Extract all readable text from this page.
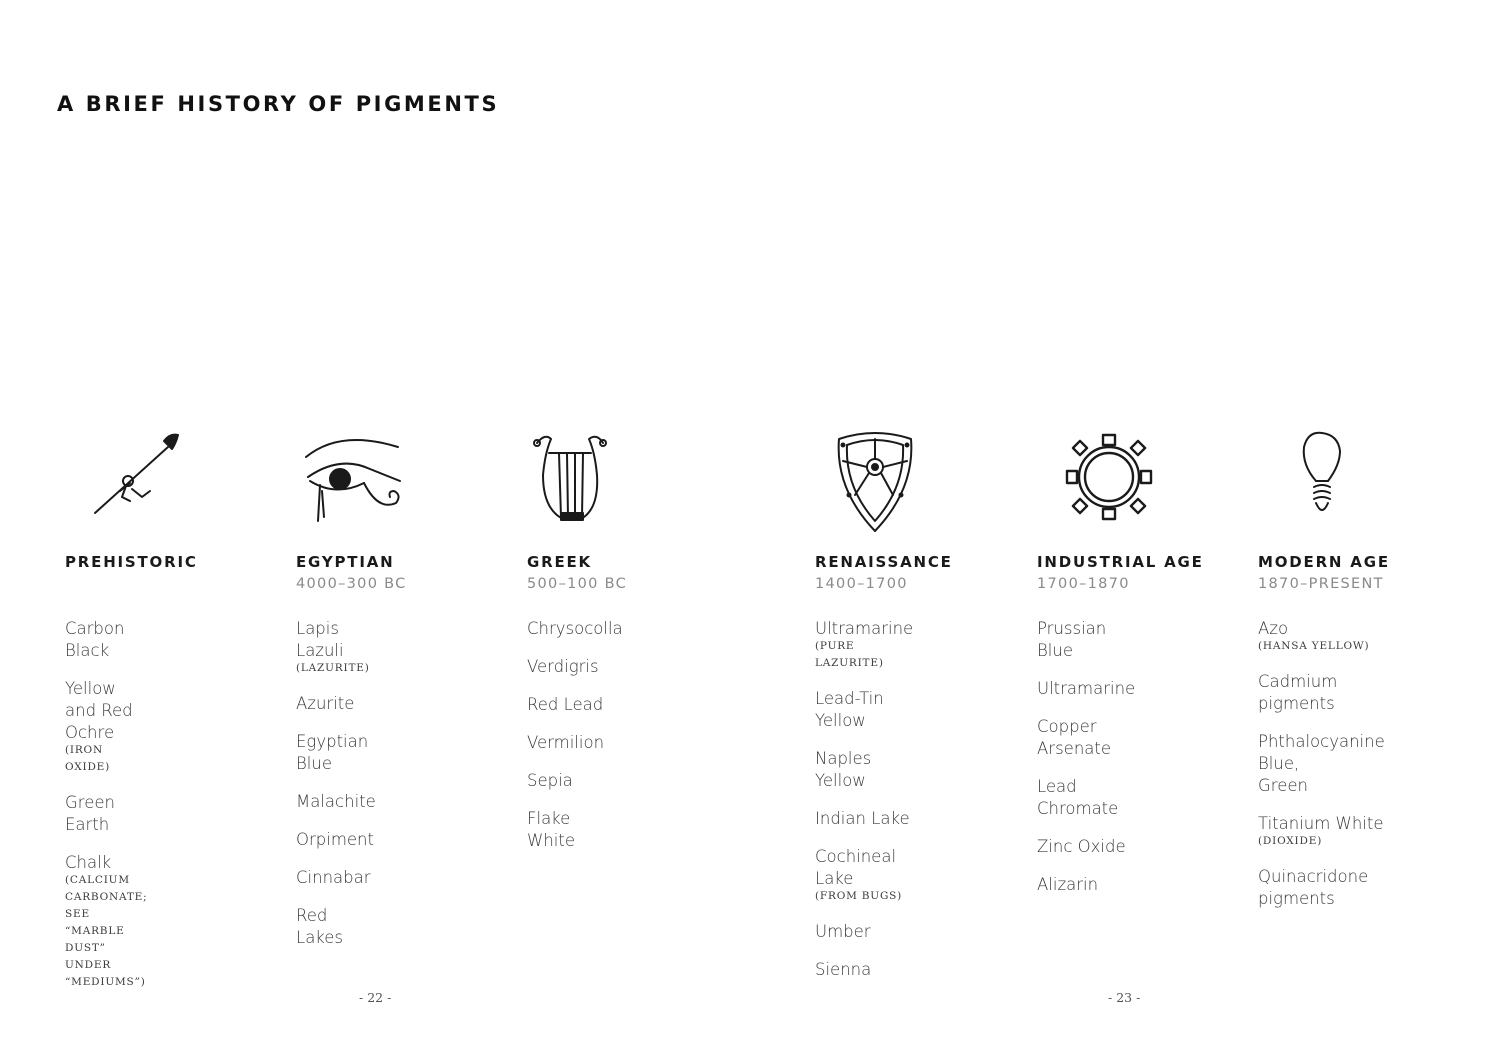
A BRIEF HISTORY OF PIGMENTS
PREHISTORIC
Carbon Black
Yellow and Red Ochre
(IRON OXIDE)
Green Earth
Chalk
(CALCIUM CARBONATE;
SEE “MARBLE DUST” UNDER
“MEDIUMS”)
EGYPTIAN
4000–300 BC
Lapis Lazuli
(LAZURITE)
Azurite
Egyptian Blue
Malachite
Orpiment
Cinnabar
Red Lakes
GREEK
500–100 BC
Chrysocolla
Verdigris
Red Lead
Vermilion
Sepia
Flake White
RENAISSANCE
1400–1700
Ultramarine
(PURE LAZURITE)
Lead-Tin Yellow
Naples Yellow
Indian Lake
Cochineal Lake
(FROM BUGS)
Umber
Sienna
INDUSTRIAL AGE
1700–1870
Prussian Blue
Ultramarine
Copper Arsenate
Lead Chromate
Zinc Oxide
Alizarin
MODERN AGE
1870–PRESENT
Azo
(HANSA YELLOW)
Cadmium pigments
Phthalocyanine Blue,
Green
Titanium White
(DIOXIDE)
Quinacridone pigments
- 22 -	- 23 -
